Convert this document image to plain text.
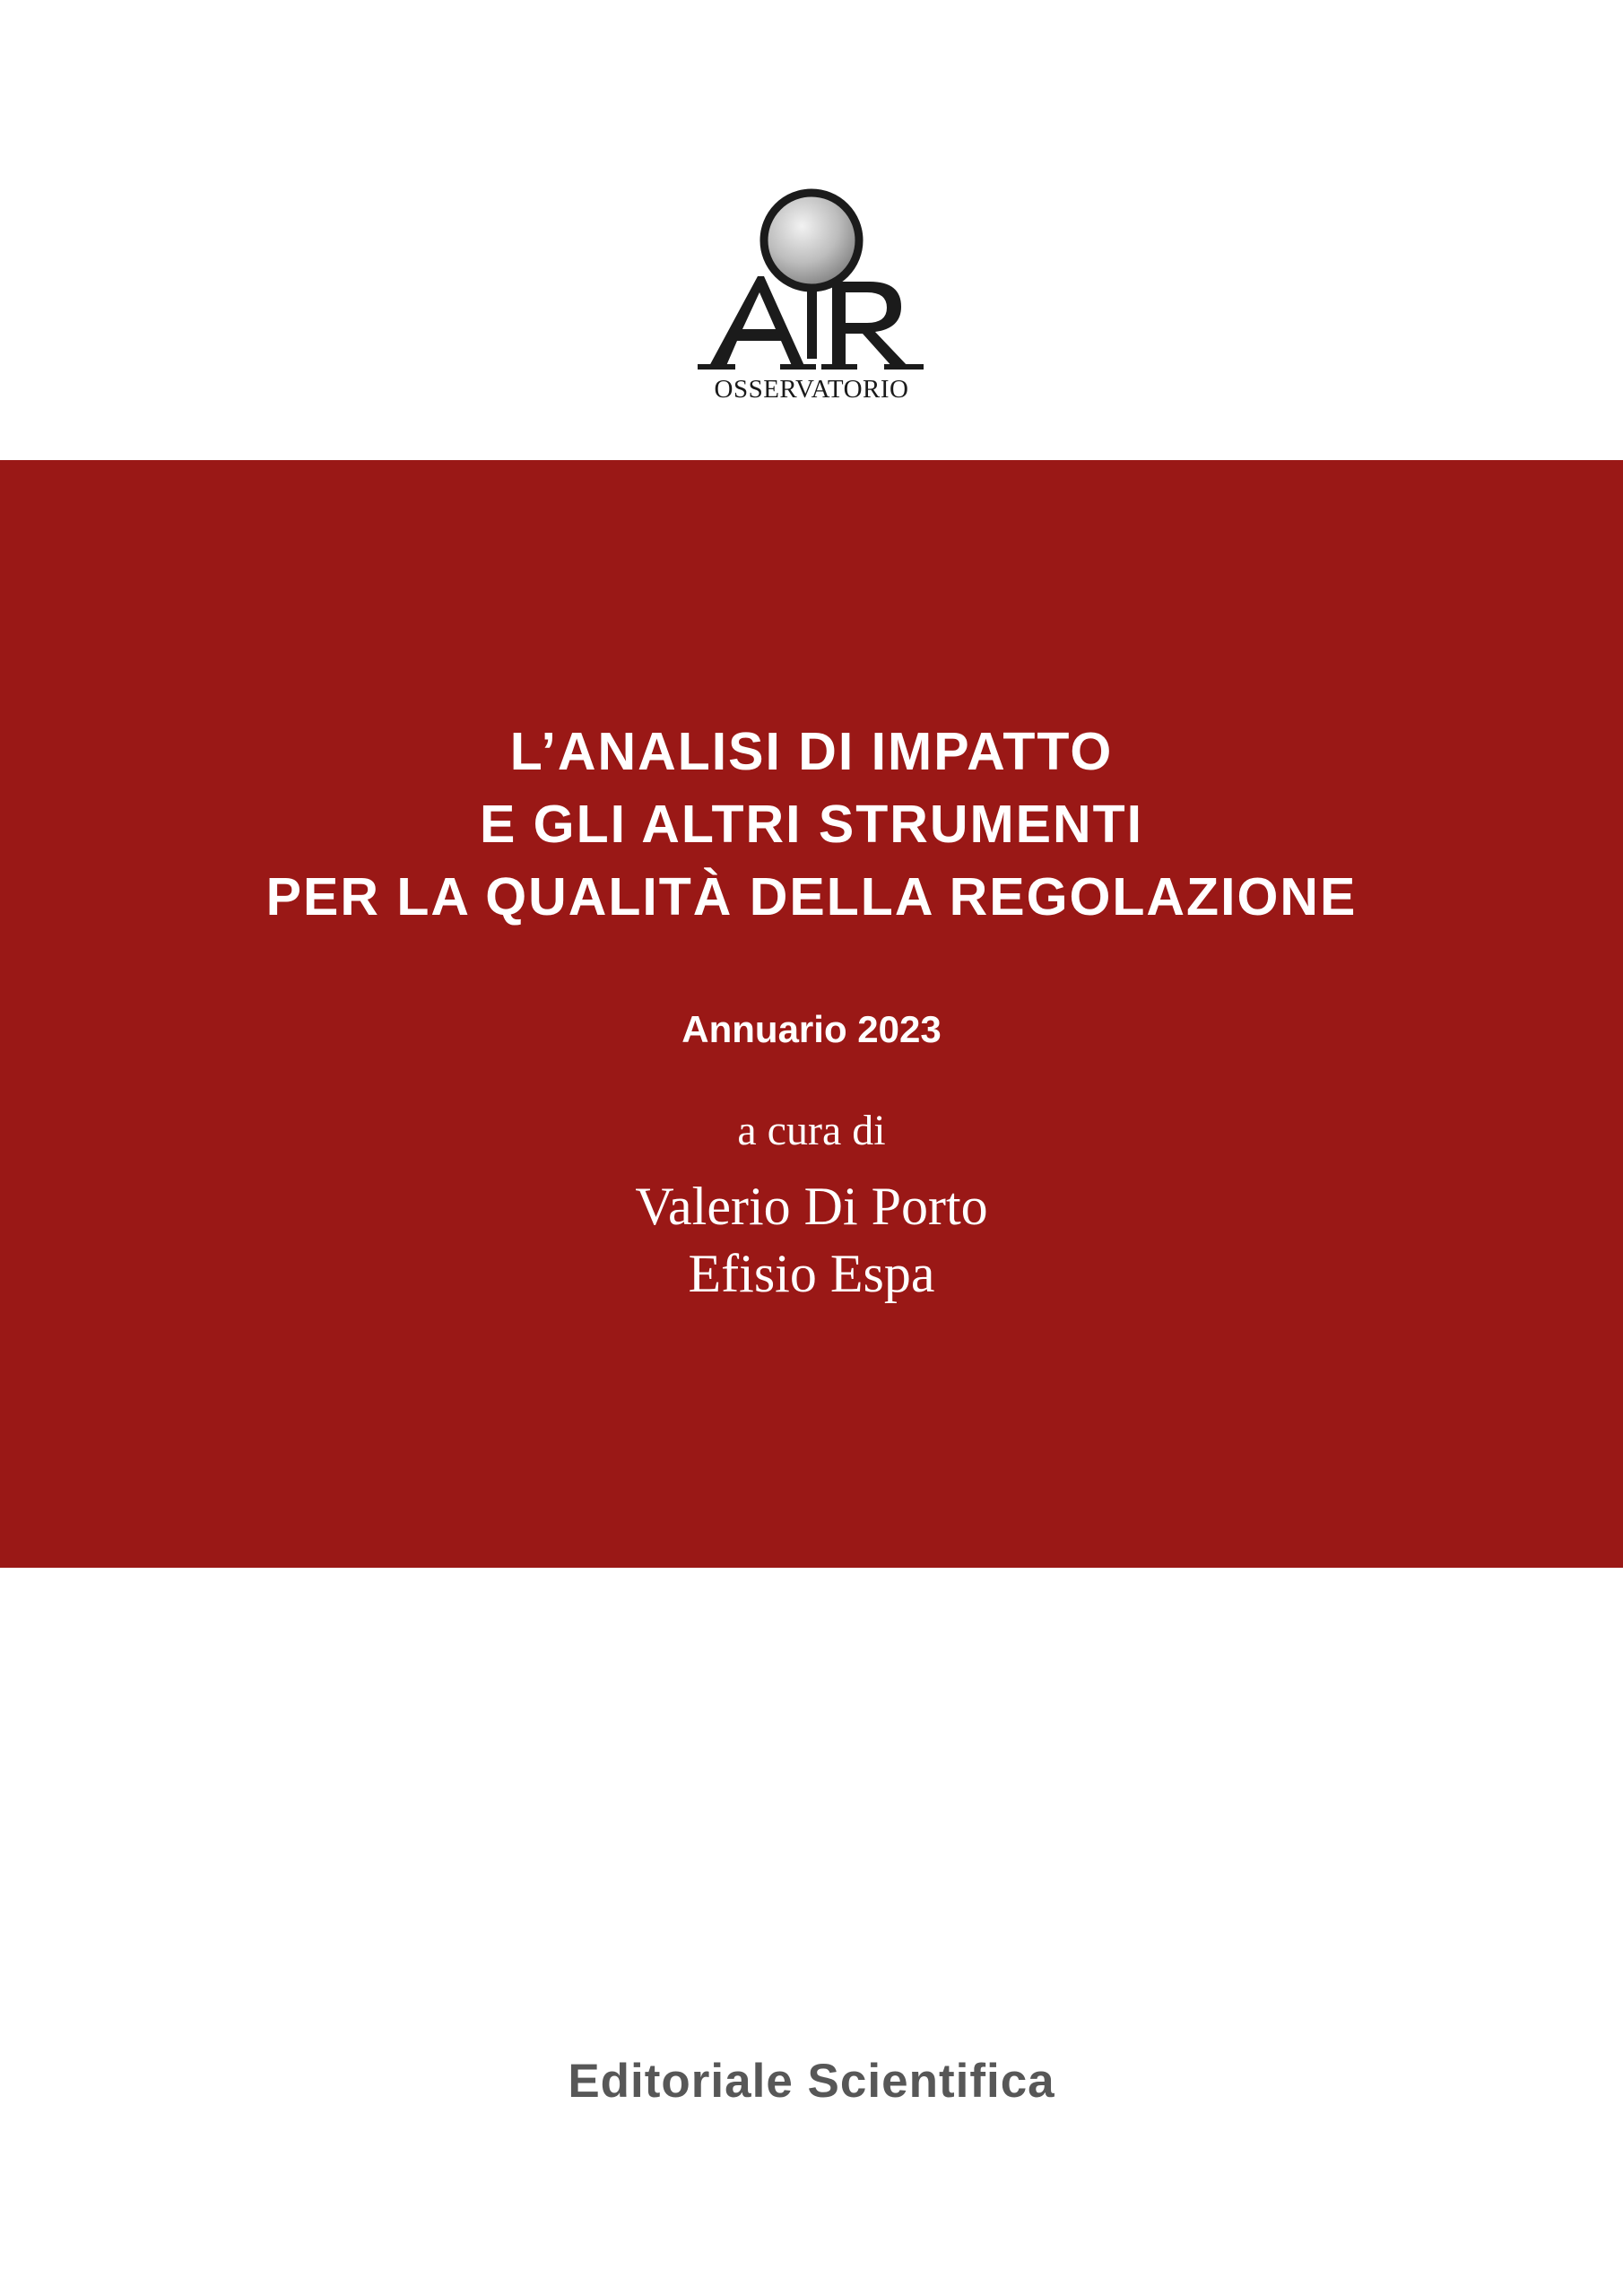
OSSERVATORIO
L’ANALISI DI IMPATTO
E GLI ALTRI STRUMENTI
PER LA QUALITÀ DELLA REGOLAZIONE
Annuario 2023
a cura di
Valerio Di Porto
Efisio Espa
Editoriale Scientifica
